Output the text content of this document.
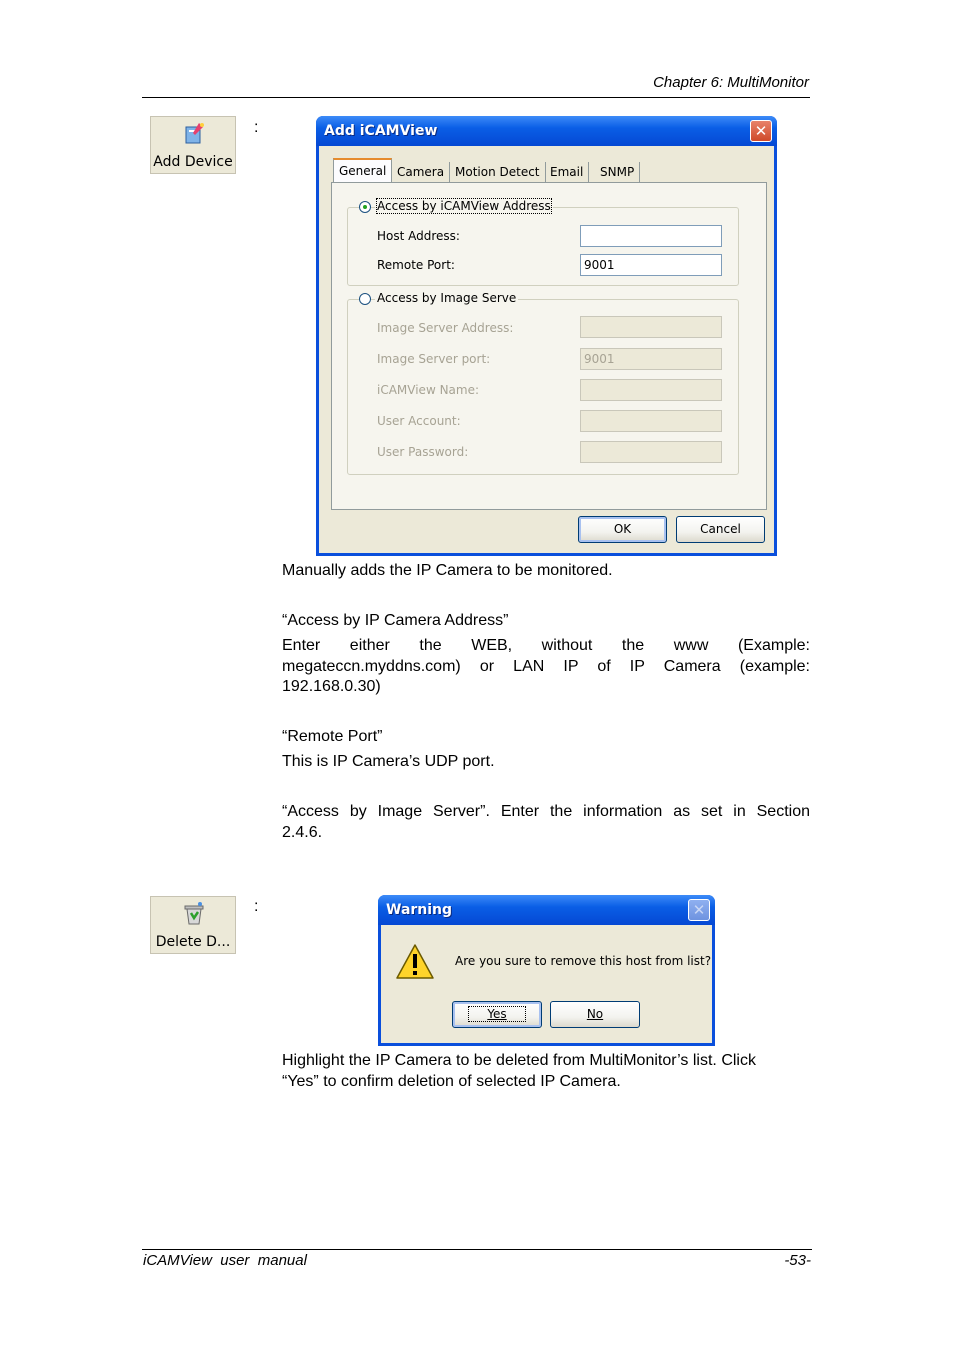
Chapter 6: MultiMonitor
Add Device
:	Add iCAMView	✕
General Camera Motion Detect Email	SNMP
Access by iCAMView Address
Host Address:
Remote Port:	9001
Access by Image Serve
Image Server Address:
Image Server port:	9001
iCAMView Name:
User Account:
User Password:
OK	Cancel
Manually adds the IP Camera to be monitored.
“Access by IP Camera Address”
Enter either the WEB, without the www (Example:
megateccn.myddns.com) or LAN IP of IP Camera (example:
192.168.0.30)
“Remote Port”
This is IP Camera’s UDP port.
“Access by Image Server”. Enter the information as set in Section
2.4.6.
Delete D...
:	Warning	✕
Are you sure to remove this host from list?
Yes	No
Highlight the IP Camera to be deleted from MultiMonitor’s list. Click
“Yes” to confirm deletion of selected IP Camera.
iCAMView  user  manual	-53-
